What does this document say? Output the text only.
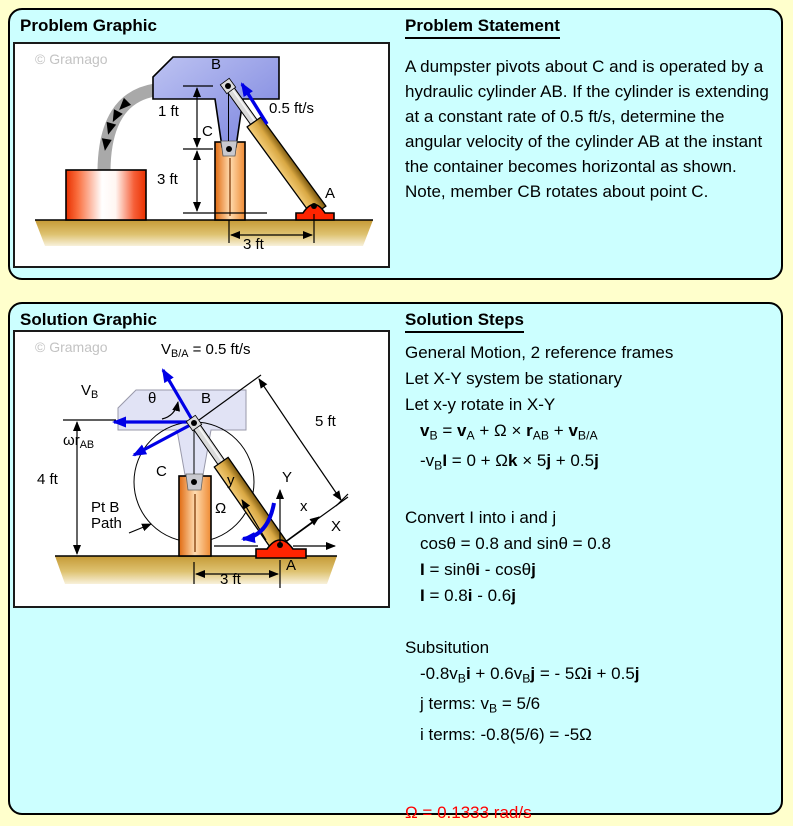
Problem Graphic
© Gramago	B
0.5 ft/s
1 ft
C
3 ft
A
3 ft
Problem Statement
A dumpster pivots about C and is operated by a hydraulic cylinder AB. If the cylinder is extending at a constant rate of 0.5 ft/s, determine the angular velocity of the cylinder AB at the instant the container becomes horizontal as shown. Note, member CB rotates about point C.
Solution Graphic
© Gramago	$V_{B/A} = 0.5$ ft/s
$V_B$	θ	B
5 ft
$\omega r_{AB}$
C
4 ft	y	Y
Ω	x
X
Pt B
Path
3 ft
A
Solution Steps
General Motion, 2 reference frames
Let X-Y system be stationary
Let x-y rotate in X-Y
$v_B = v_A + \Omega \times r_{AB} + v_{B/A}$
$-v_BI = 0 + \Omega k \times 5j + 0.5j$
Convert I into i and j
cosθ = 0.8 and sinθ = 0.8
I = sinθi - cosθj
I = 0.8i - 0.6j
Subsitution
$-0.8v_Bi + 0.6v_Bj$ = - 5Ωi + 0.5j
j terms: $v_B = 5/6$
i terms: -0.8(5/6) = -5Ω
Ω = 0.1333 rad/s
